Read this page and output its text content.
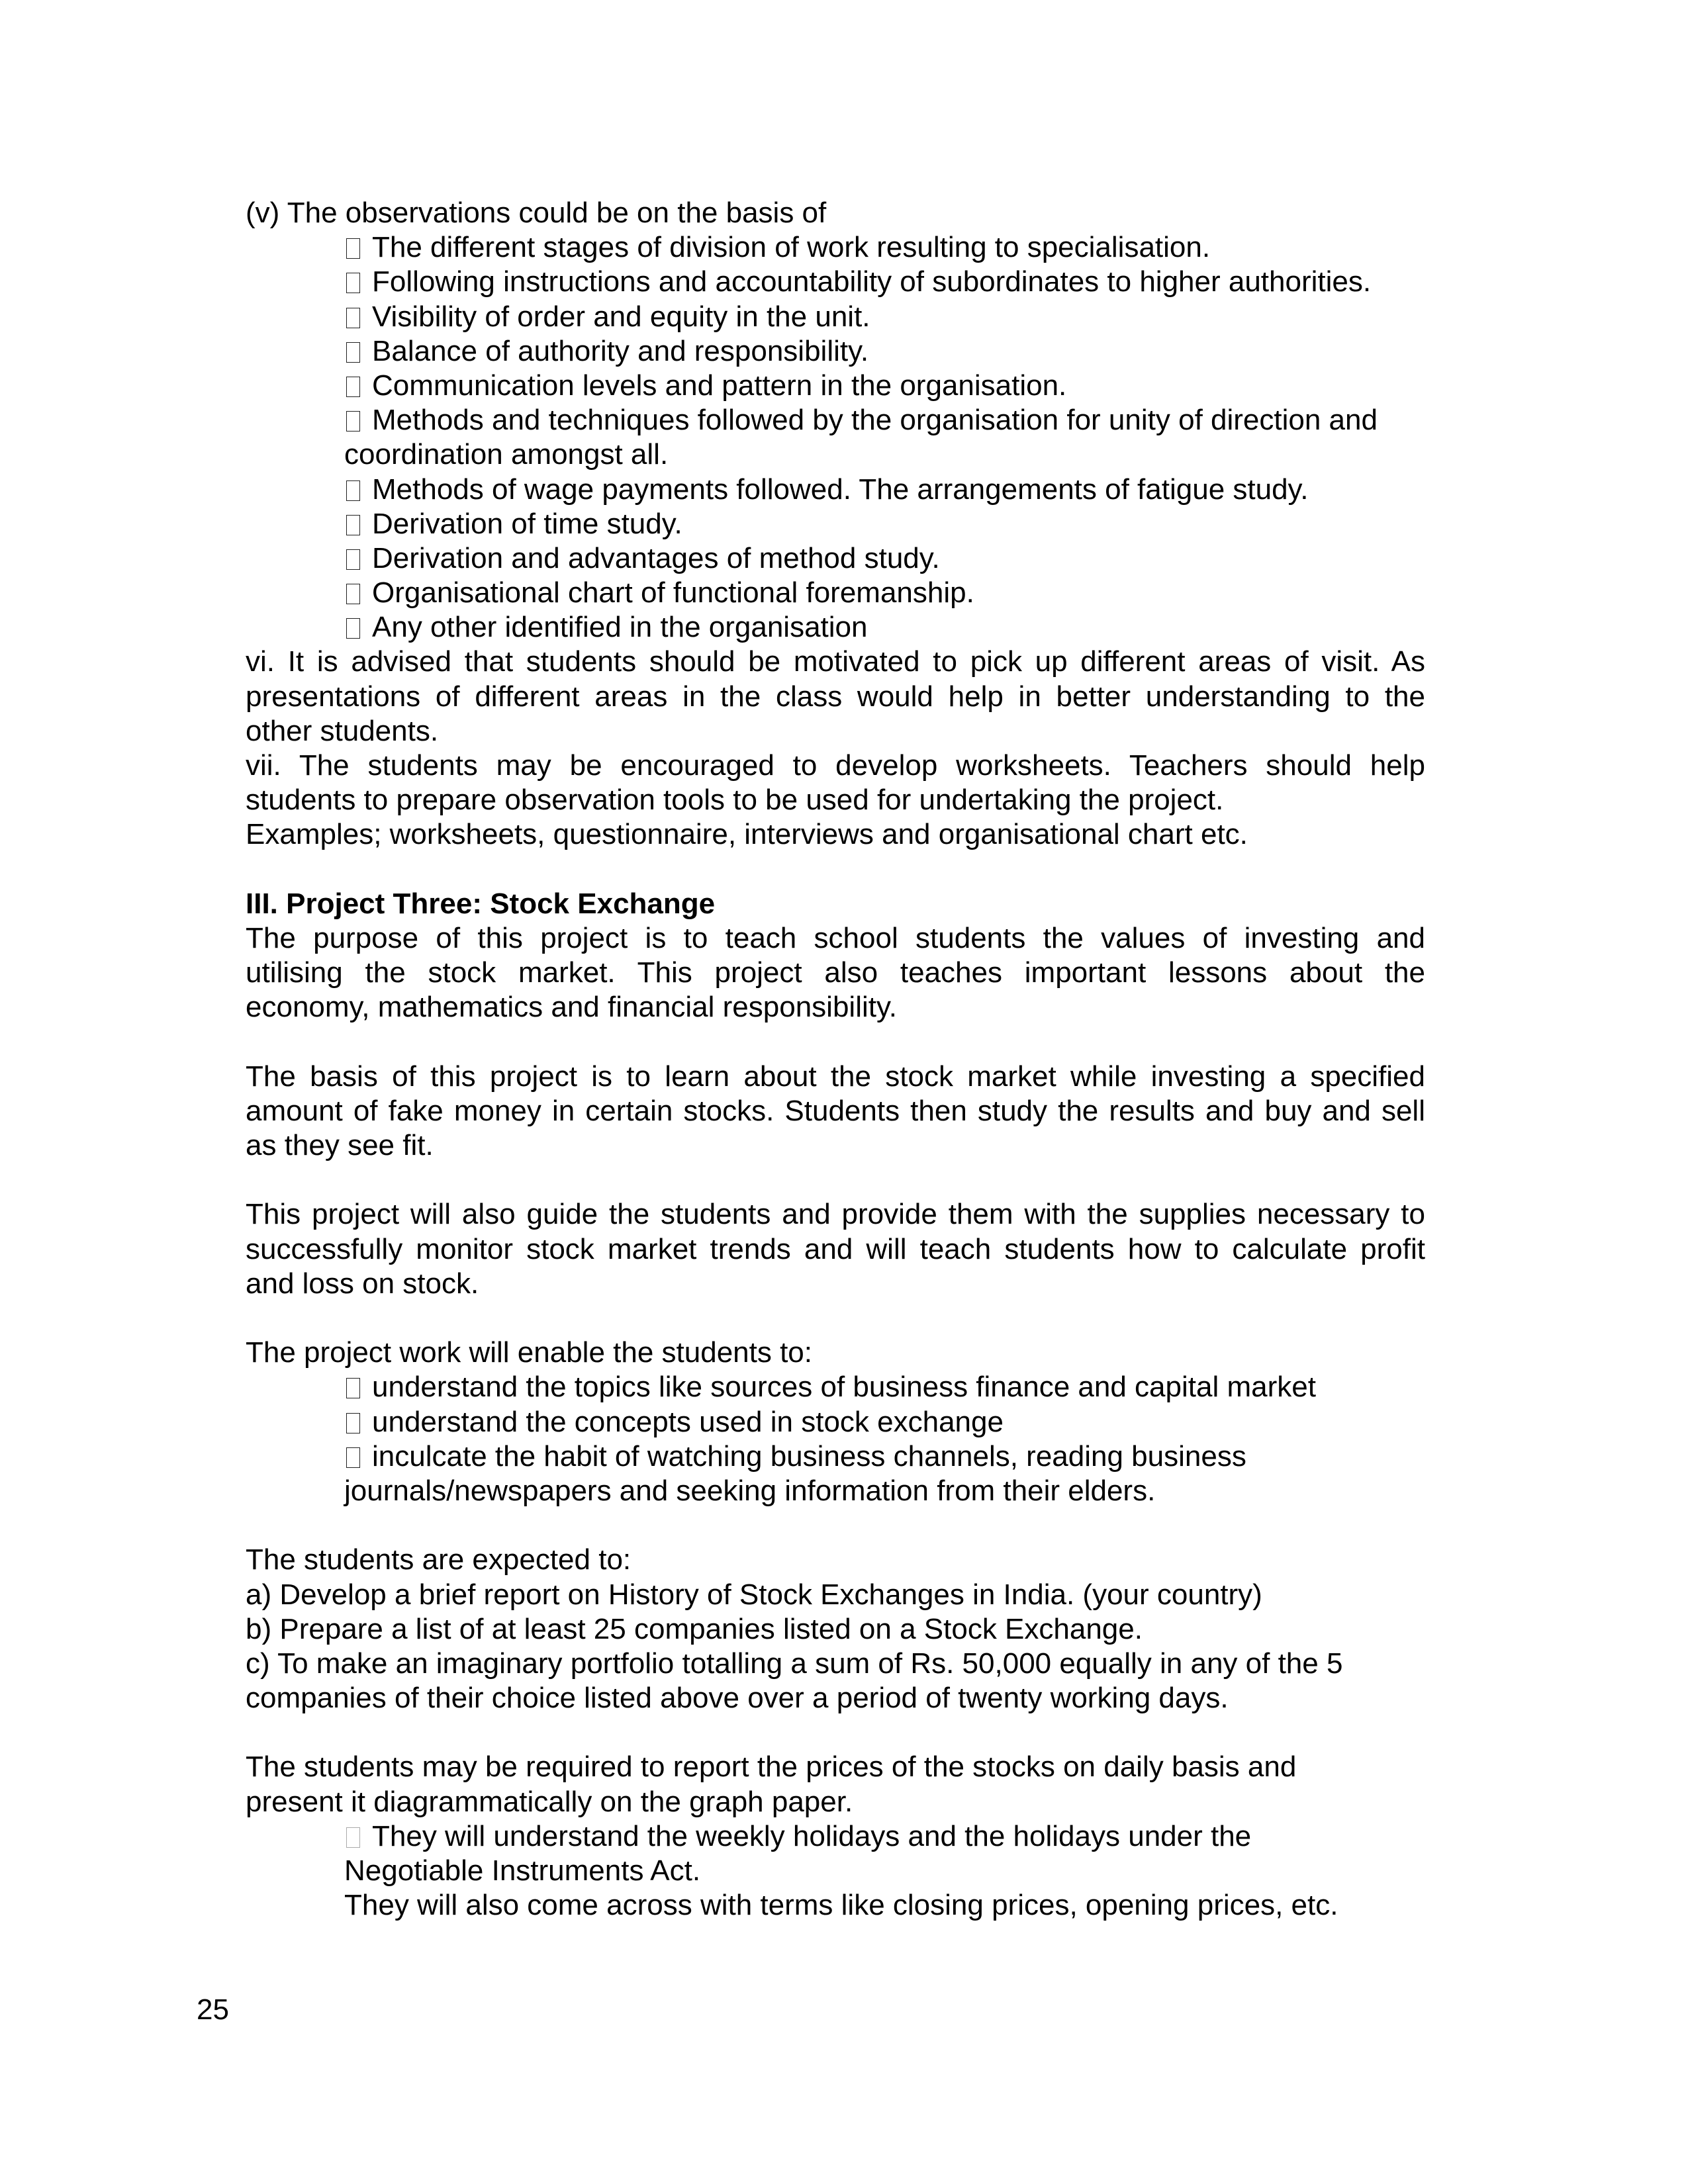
(v) The observations could be on the basis of
The different stages of division of work resulting to specialisation.
Following instructions and accountability of subordinates to higher authorities.
Visibility of order and equity in the unit.
Balance of authority and responsibility.
Communication levels and pattern in the organisation.
Methods and techniques followed by the organisation for unity of direction and
coordination amongst all.
Methods of wage payments followed. The arrangements of fatigue study.
Derivation of time study.
Derivation and advantages of method study.
Organisational chart of functional foremanship.
Any other identified in the organisation
vi. It is advised that students should be motivated to pick up different areas of visit. As
presentations of different areas in the class would help in better understanding to the
other students.
vii. The students may be encouraged to develop worksheets. Teachers should help
students to prepare observation tools to be used for undertaking the project.
Examples; worksheets, questionnaire, interviews and organisational chart etc.
III. Project Three: Stock Exchange
The purpose of this project is to teach school students the values of investing and
utilising the stock market. This project also teaches important lessons about the
economy, mathematics and financial responsibility.
The basis of this project is to learn about the stock market while investing a specified
amount of fake money in certain stocks. Students then study the results and buy and sell
as they see fit.
This project will also guide the students and provide them with the supplies necessary to
successfully monitor stock market trends and will teach students how to calculate profit
and loss on stock.
The project work will enable the students to:
understand the topics like sources of business finance and capital market
understand the concepts used in stock exchange
inculcate the habit of watching business channels, reading business
journals/newspapers and seeking information from their elders.
The students are expected to:
a) Develop a brief report on History of Stock Exchanges in India. (your country)
b) Prepare a list of at least 25 companies listed on a Stock Exchange.
c) To make an imaginary portfolio totalling a sum of Rs. 50,000 equally in any of the 5
companies of their choice listed above over a period of twenty working days.
The students may be required to report the prices of the stocks on daily basis and
present it diagrammatically on the graph paper.
They will understand the weekly holidays and the holidays under the
Negotiable Instruments Act.
They will also come across with terms like closing prices, opening prices, etc.
25
